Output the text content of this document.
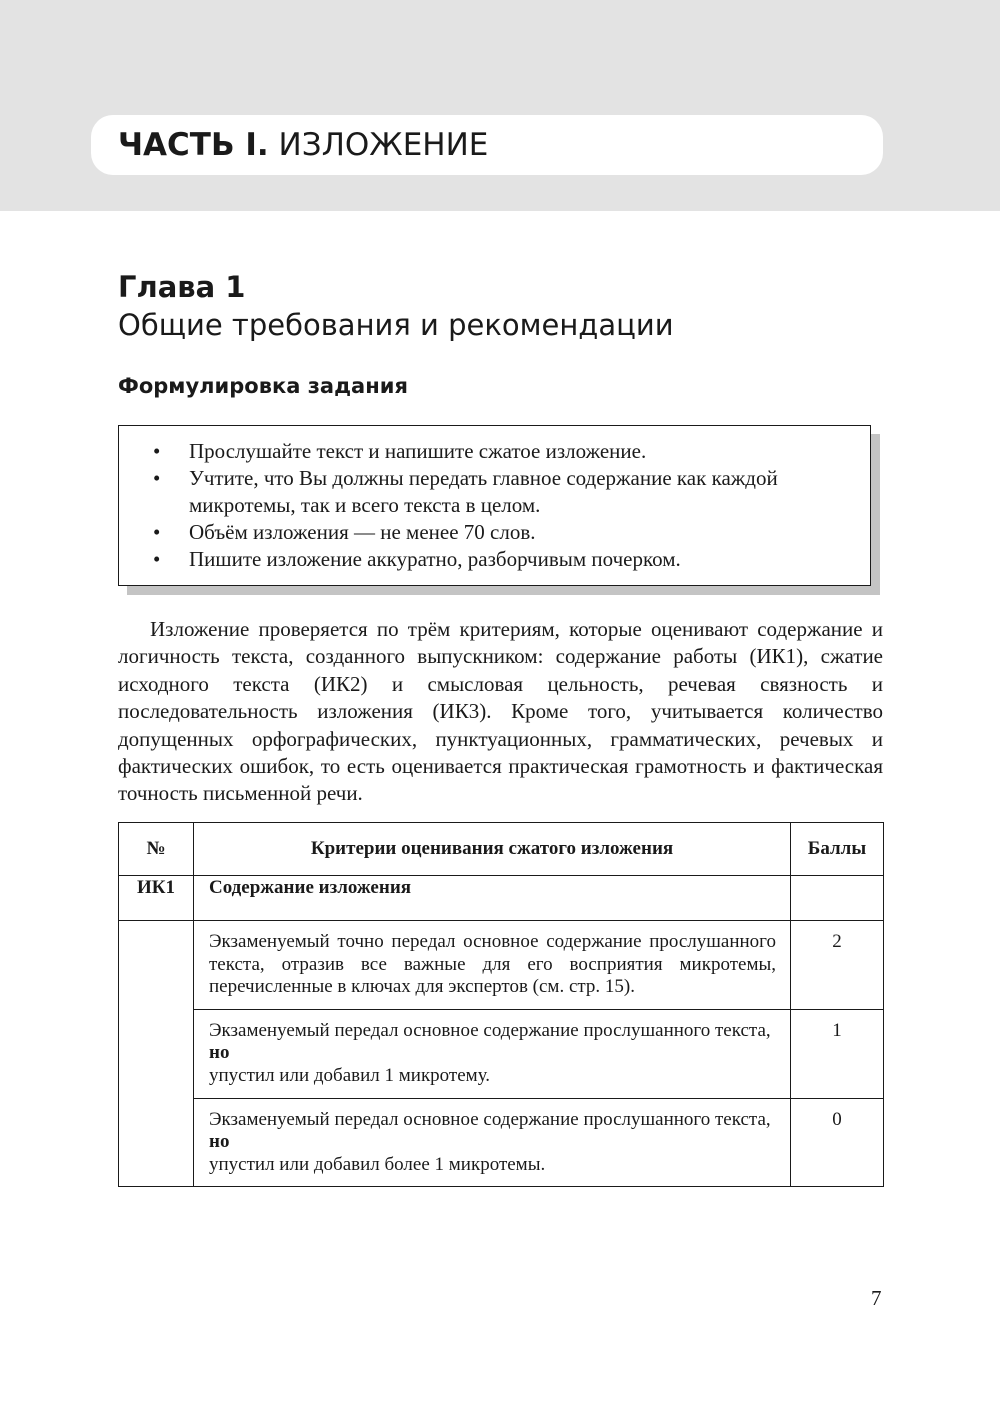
ЧАСТЬ I. ИЗЛОЖЕНИЕ
Глава 1
Общие требования и рекомендации
Формулировка задания
• Прослушайте текст и напишите сжатое изложение.
• Учтите, что Вы должны передать главное содержание как каждой микротемы, так и всего текста в целом.
• Объём изложения — не менее 70 слов.
• Пишите изложение аккуратно, разборчивым почерком.

Изложение проверяется по трём критериям, которые оценивают содержание и логичность текста, созданного выпускником: содержание работы (ИК1), сжатие исходного текста (ИК2) и смысловая цельность, речевая связность и последовательность изложения (ИК3). Кроме того, учитывается количество допущенных орфографических, пунктуационных, грамматических, речевых и фактических ошибок, то есть оценивается практическая грамотность и фактическая точность письменной речи.

№	Критерии оценивания сжатого изложения	Баллы
ИК1	Содержание изложения	

	Экзаменуемый точно передал основное содержание прослушанного текста, отразив все важные для его восприятия микротемы, перечисленные в ключах для экспертов (см. стр. 15).	2

	Экзаменуемый передал основное содержание прослушанного текста,
но
упустил или добавил 1 микротему.	1

	Экзаменуемый передал основное содержание прослушанного текста,
но
упустил или добавил более 1 микротемы.	0
7
